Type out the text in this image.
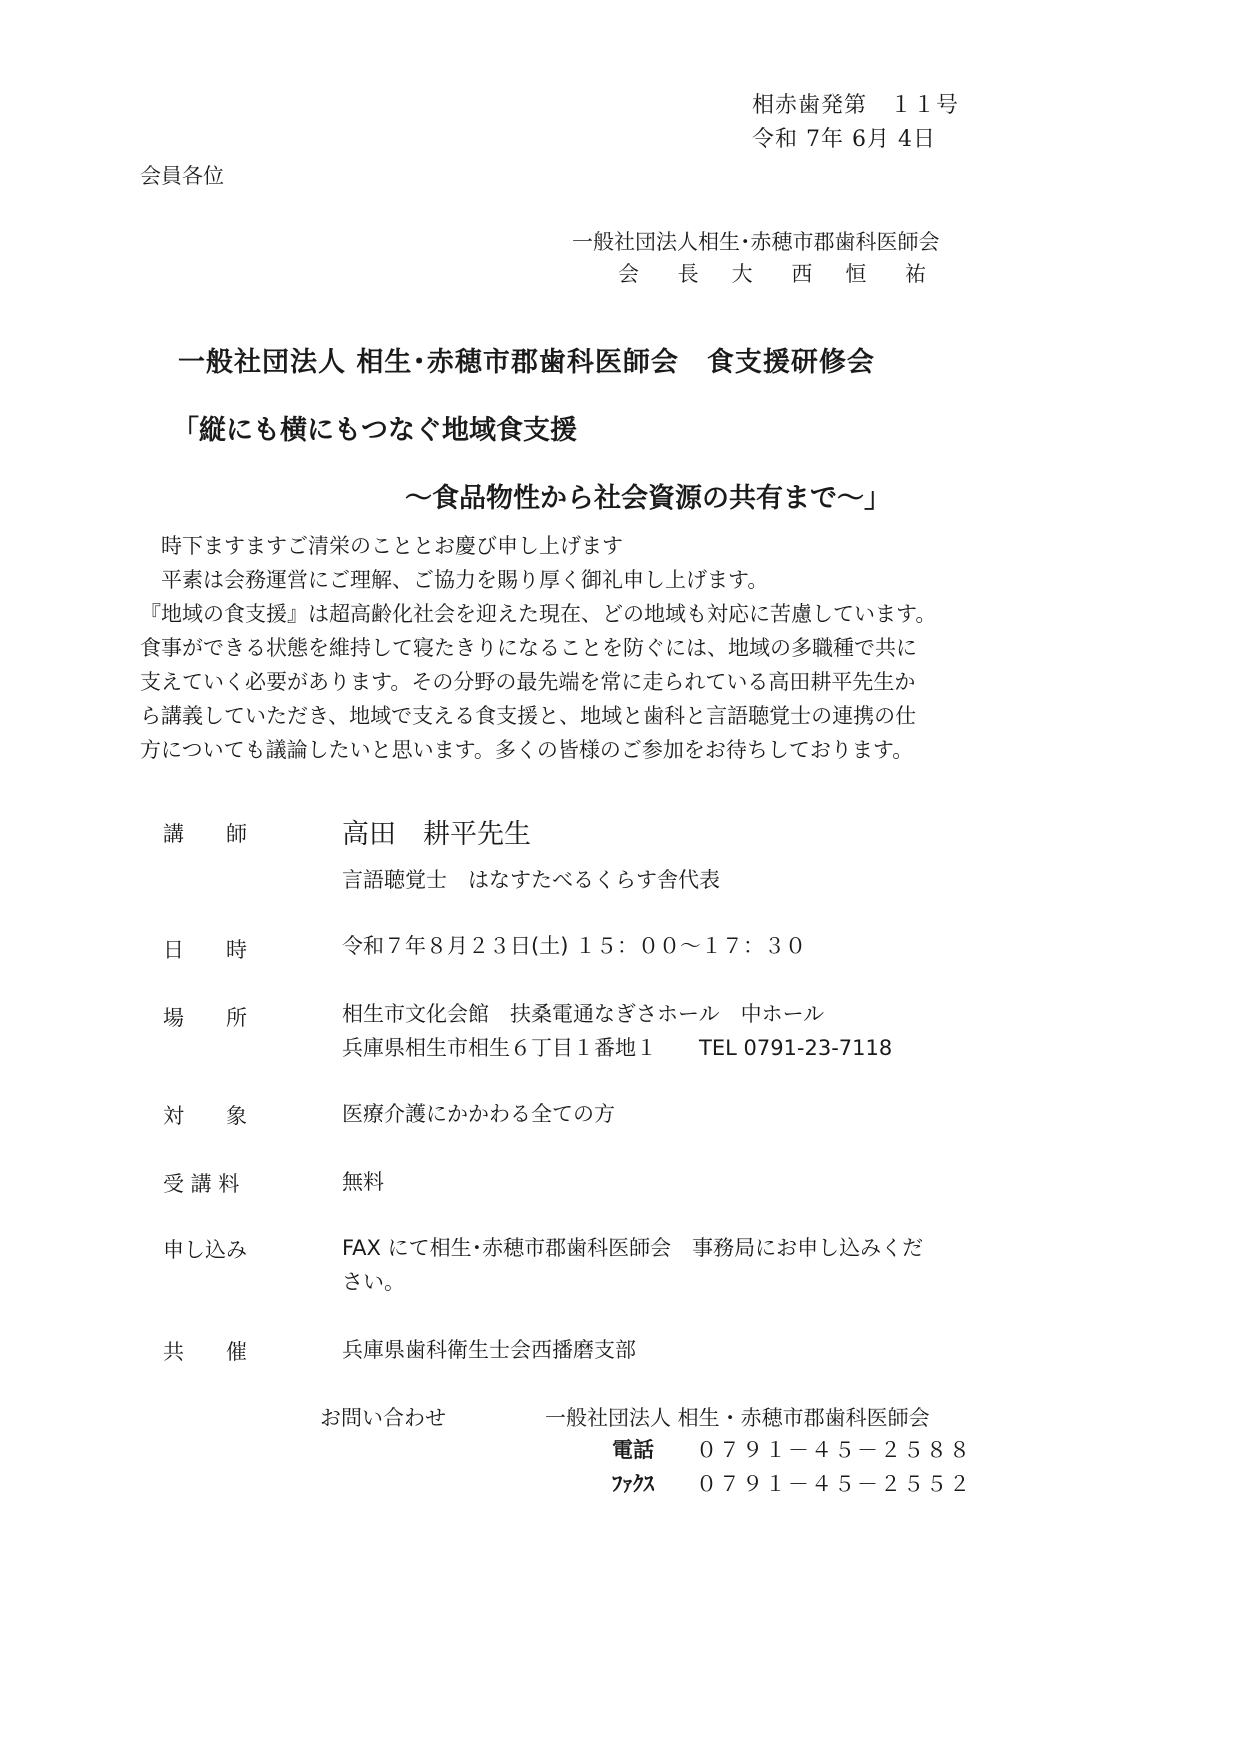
相赤歯発第　１１号
令和 7年 6月 4日
会員各位
一般社団法人相生･赤穂市郡歯科医師会
会 長　大 西　恒 祐
一般社団法人 相生･赤穂市郡歯科医師会　食支援研修会
「縦にも横にもつなぐ地域食支援
～食品物性から社会資源の共有まで～」
　時下ますますご清栄のこととお慶び申し上げます
　平素は会務運営にご理解、ご協力を賜り厚く御礼申し上げます。
『地域の食支援』は超高齢化社会を迎えた現在、どの地域も対応に苦慮しています。
食事ができる状態を維持して寝たきりになることを防ぐには、地域の多職種で共に
支えていく必要があります。その分野の最先端を常に走られている高田耕平先生か
ら講義していただき、地域で支える食支援と、地域と歯科と言語聴覚士の連携の仕
方についても議論したいと思います。多くの皆様のご参加をお待ちしております。
講　　師	高田　耕平先生
言語聴覚士　はなすたべるくらす舎代表
日　　時	令和７年８月２３日(土) １５：００～１７：３０
場　　所	相生市文化会館　扶桑電通なぎさホール　中ホール
兵庫県相生市相生６丁目１番地１　　TEL 0791-23-7118
対　　象	医療介護にかかわる全ての方
受 講 料	無料
申し込み	FAX にて相生･赤穂市郡歯科医師会　事務局にお申し込みくだ
さい。
共　　催	兵庫県歯科衛生士会西播磨支部
お問い合わせ	一般社団法人 相生・赤穂市郡歯科医師会
電話 ０７９１－４５－２５８８
ﾌｧｸｽ ０７９１－４５－２５５２
